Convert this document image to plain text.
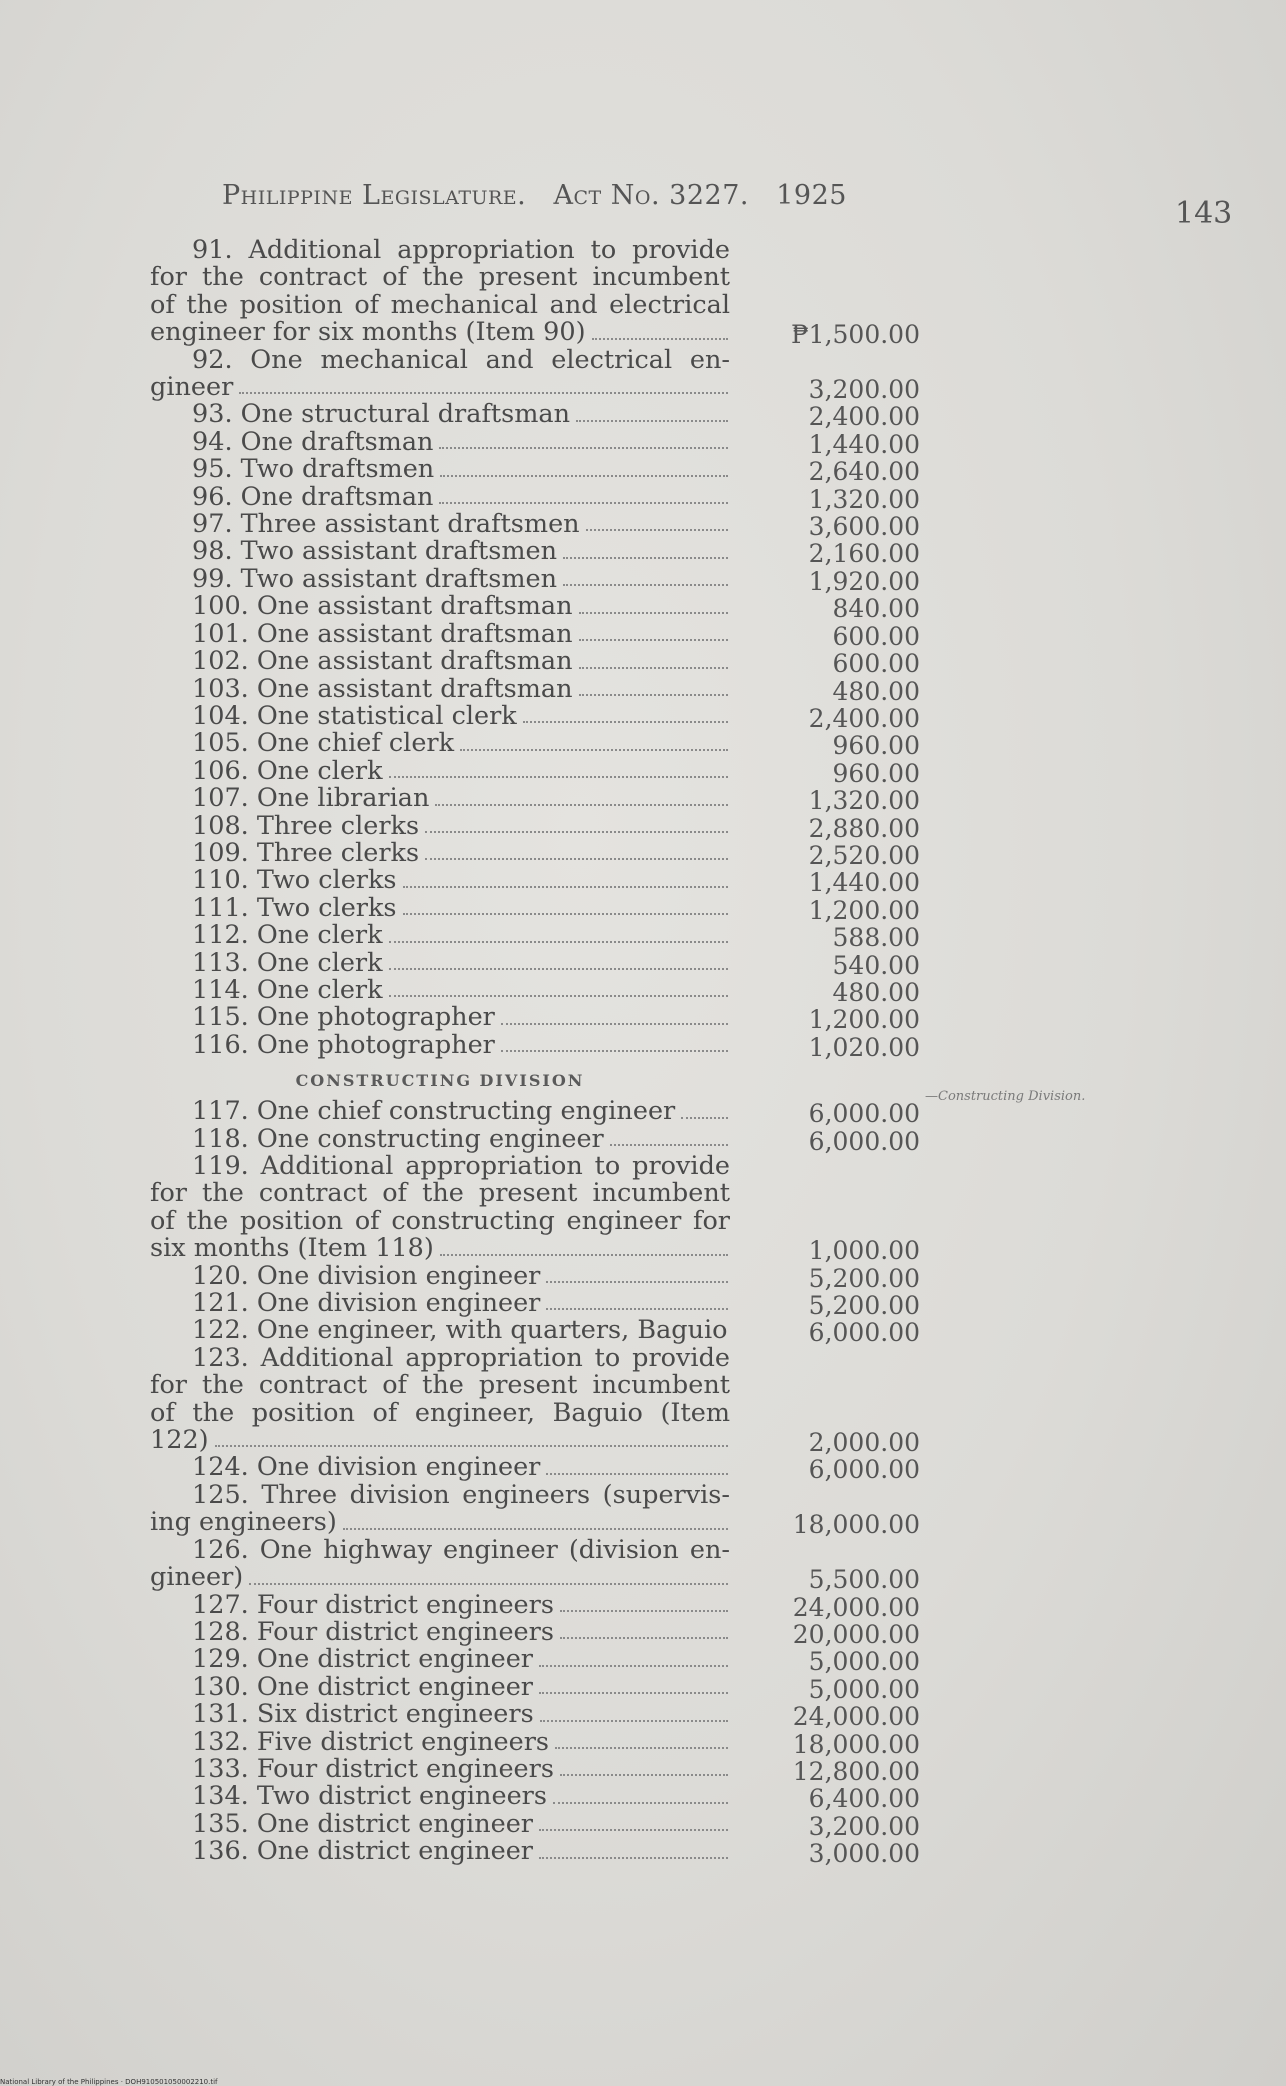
Philippine Legislature. Act No. 3227. 1925
143
91. Additional appropriation to provide
for the contract of the present incumbent
of the position of mechanical and electrical
engineer for six months (Item 90)	₱1,500.00
92. One mechanical and electrical en-
gineer	3,200.00
93. One structural draftsman	2,400.00
94. One draftsman	1,440.00
95. Two draftsmen	2,640.00
96. One draftsman	1,320.00
97. Three assistant draftsmen	3,600.00
98. Two assistant draftsmen	2,160.00
99. Two assistant draftsmen	1,920.00
100. One assistant draftsman	840.00
101. One assistant draftsman	600.00
102. One assistant draftsman	600.00
103. One assistant draftsman	480.00
104. One statistical clerk	2,400.00
105. One chief clerk	960.00
106. One clerk	960.00
107. One librarian	1,320.00
108. Three clerks	2,880.00
109. Three clerks	2,520.00
110. Two clerks	1,440.00
111. Two clerks	1,200.00
112. One clerk	588.00
113. One clerk	540.00
114. One clerk	480.00
115. One photographer	1,200.00
116. One photographer	1,020.00
CONSTRUCTING DIVISION
117. One chief constructing engineer	6,000.00
118. One constructing engineer	6,000.00
119. Additional appropriation to provide
for the contract of the present incumbent
of the position of constructing engineer for
six months (Item 118)	1,000.00
120. One division engineer	5,200.00
121. One division engineer	5,200.00
122. One engineer, with quarters, Baguio	6,000.00
123. Additional appropriation to provide
for the contract of the present incumbent
of the position of engineer, Baguio (Item
122)	2,000.00
124. One division engineer	6,000.00
125. Three division engineers (supervis-
ing engineers)	18,000.00
126. One highway engineer (division en-
gineer)	5,500.00
127. Four district engineers	24,000.00
128. Four district engineers	20,000.00
129. One district engineer	5,000.00
130. One district engineer	5,000.00
131. Six district engineers	24,000.00
132. Five district engineers	18,000.00
133. Four district engineers	12,800.00
134. Two district engineers	6,400.00
135. One district engineer	3,200.00
136. One district engineer	3,000.00
—Constructing Division.
National Library of the Philippines · DOH910501050002210.tif
